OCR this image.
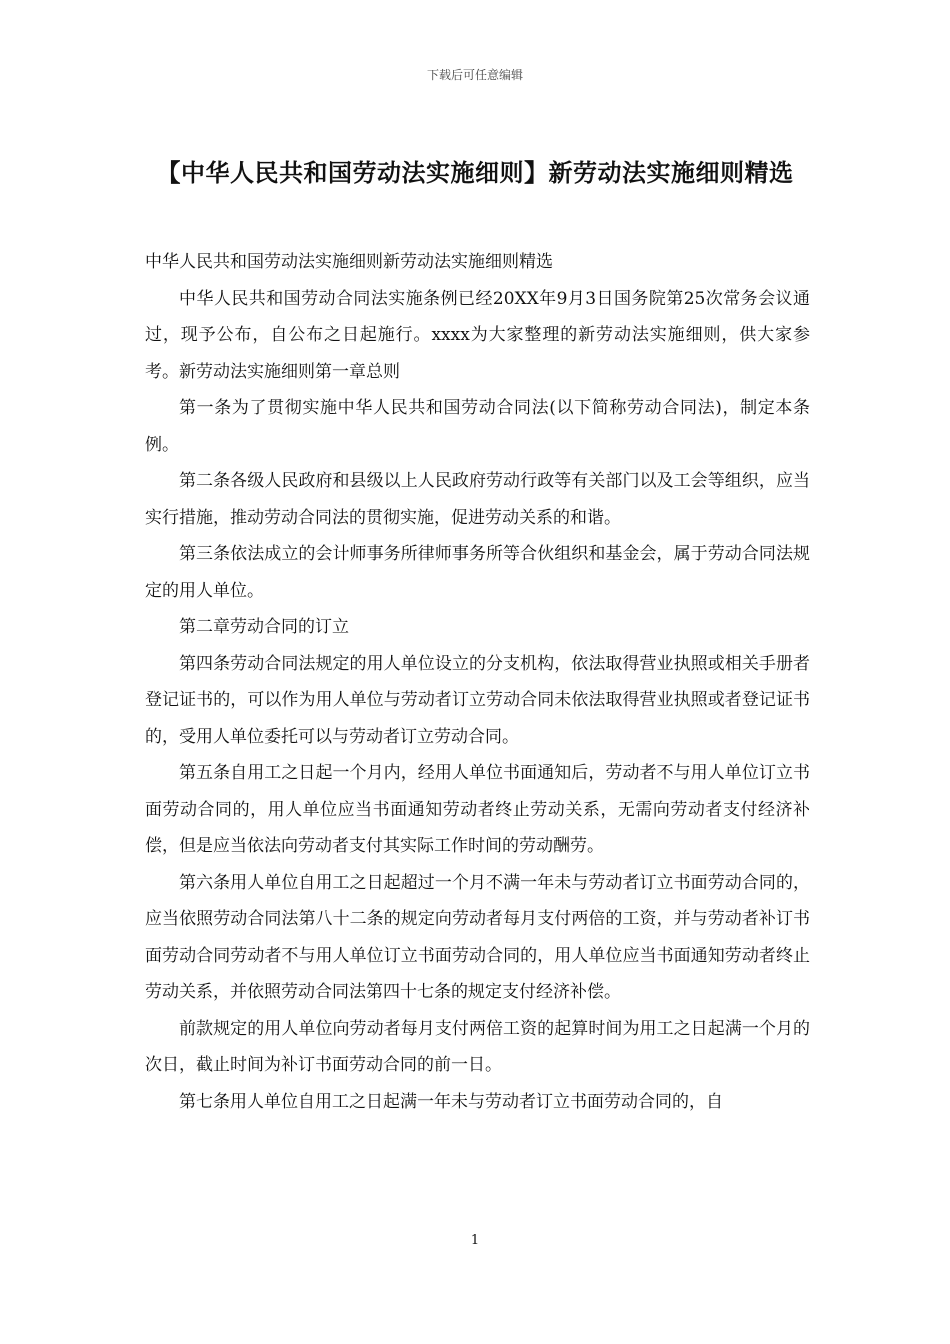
下载后可任意编辑
【中华人民共和国劳动法实施细则】新劳动法实施细则精选

中华人民共和国劳动法实施细则新劳动法实施细则精选

中华人民共和国劳动合同法实施条例已经20XX年9月3日国务院第25次常务会议通过，现予公布，自公布之日起施行。xxxx为大家整理的新劳动法实施细则，供大家参考。新劳动法实施细则第一章总则

第一条为了贯彻实施中华人民共和国劳动合同法(以下简称劳动合同法)，制定本条例。

第二条各级人民政府和县级以上人民政府劳动行政等有关部门以及工会等组织，应当实行措施，推动劳动合同法的贯彻实施，促进劳动关系的和谐。

第三条依法成立的会计师事务所律师事务所等合伙组织和基金会，属于劳动合同法规定的用人单位。

第二章劳动合同的订立

第四条劳动合同法规定的用人单位设立的分支机构，依法取得营业执照或相关手册者登记证书的，可以作为用人单位与劳动者订立劳动合同未依法取得营业执照或者登记证书的，受用人单位委托可以与劳动者订立劳动合同。

第五条自用工之日起一个月内，经用人单位书面通知后，劳动者不与用人单位订立书面劳动合同的，用人单位应当书面通知劳动者终止劳动关系，无需向劳动者支付经济补偿，但是应当依法向劳动者支付其实际工作时间的劳动酬劳。

第六条用人单位自用工之日起超过一个月不满一年未与劳动者订立书面劳动合同的，应当依照劳动合同法第八十二条的规定向劳动者每月支付两倍的工资，并与劳动者补订书面劳动合同劳动者不与用人单位订立书面劳动合同的，用人单位应当书面通知劳动者终止劳动关系，并依照劳动合同法第四十七条的规定支付经济补偿。

前款规定的用人单位向劳动者每月支付两倍工资的起算时间为用工之日起满一个月的次日，截止时间为补订书面劳动合同的前一日。

第七条用人单位自用工之日起满一年未与劳动者订立书面劳动合同的，自

1
